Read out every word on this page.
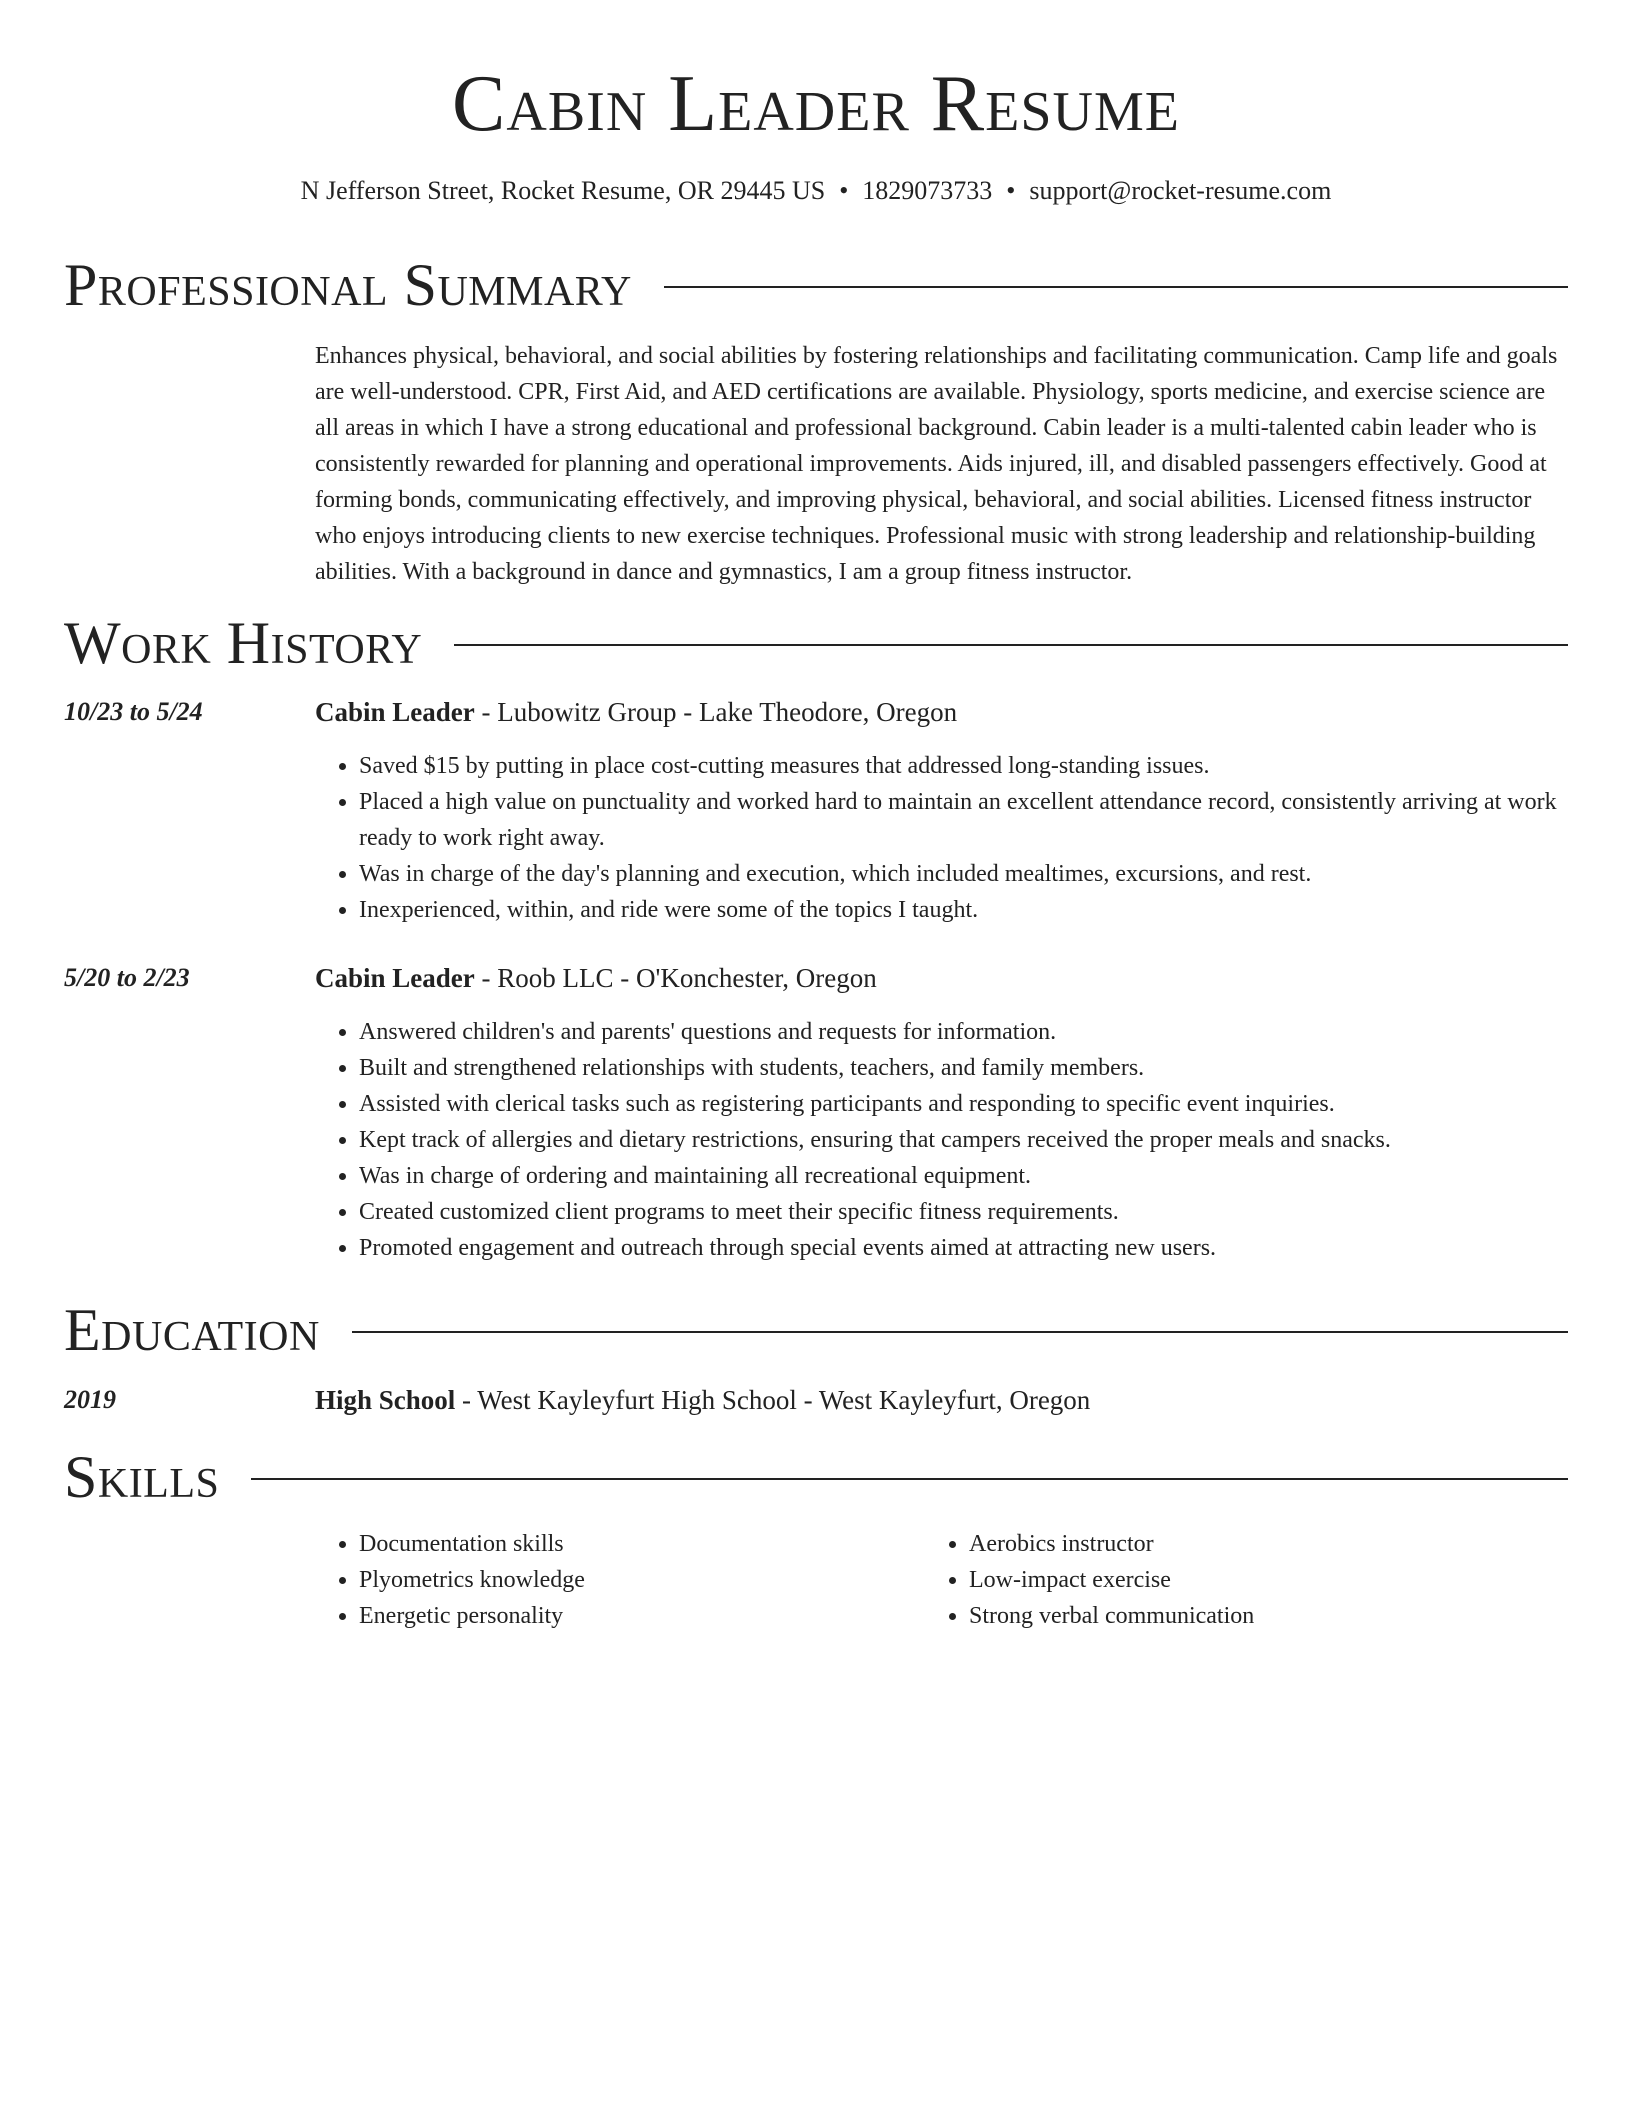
Cabin Leader Resume
N Jefferson Street, Rocket Resume, OR 29445 US • 1829073733 • support@rocket-resume.com
Professional Summary

Enhances physical, behavioral, and social abilities by fostering relationships and facilitating communication. Camp life and goals are well-understood. CPR, First Aid, and AED certifications are available. Physiology, sports medicine, and exercise science are all areas in which I have a strong educational and professional background. Cabin leader is a multi-talented cabin leader who is consistently rewarded for planning and operational improvements. Aids injured, ill, and disabled passengers effectively. Good at forming bonds, communicating effectively, and improving physical, behavioral, and social abilities. Licensed fitness instructor who enjoys introducing clients to new exercise techniques. Professional music with strong leadership and relationship-building abilities. With a background in dance and gymnastics, I am a group fitness instructor.

Work History
10/23 to 5/24	Cabin Leader - Lubowitz Group - Lake Theodore, Oregon
• Saved $15 by putting in place cost-cutting measures that addressed long-standing issues.
• Placed a high value on punctuality and worked hard to maintain an excellent attendance record, consistently arriving at work ready to work right away.
• Was in charge of the day's planning and execution, which included mealtimes, excursions, and rest.
• Inexperienced, within, and ride were some of the topics I taught.
5/20 to 2/23	Cabin Leader - Roob LLC - O'Konchester, Oregon
• Answered children's and parents' questions and requests for information.
• Built and strengthened relationships with students, teachers, and family members.
• Assisted with clerical tasks such as registering participants and responding to specific event inquiries.
• Kept track of allergies and dietary restrictions, ensuring that campers received the proper meals and snacks.
• Was in charge of ordering and maintaining all recreational equipment.
• Created customized client programs to meet their specific fitness requirements.
• Promoted engagement and outreach through special events aimed at attracting new users.
Education
2019	High School - West Kayleyfurt High School - West Kayleyfurt, Oregon
Skills
• Documentation skills
• Plyometrics knowledge
• Energetic personality
• Aerobics instructor
• Low-impact exercise
• Strong verbal communication
